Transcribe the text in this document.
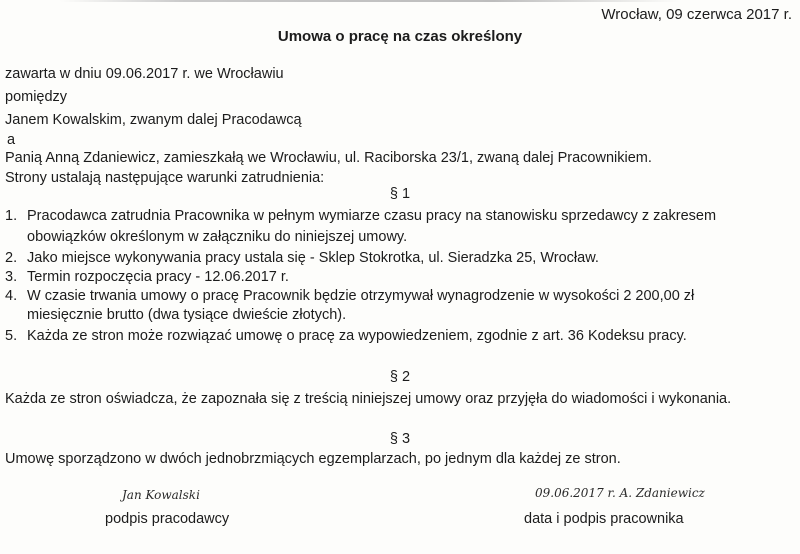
Wrocław, 09 czerwca 2017 r.
Umowa o pracę na czas określony
zawarta w dniu 09.06.2017 r. we Wrocławiu
pomiędzy
Janem Kowalskim, zwanym dalej Pracodawcą
a
Panią Anną Zdaniewicz, zamieszkałą we Wrocławiu, ul. Raciborska 23/1, zwaną dalej Pracownikiem.
Strony ustalają następujące warunki zatrudnienia:
§ 1
1. Pracodawca zatrudnia Pracownika w pełnym wymiarze czasu pracy na stanowisku sprzedawcy z zakresem
obowiązków określonym w załączniku do niniejszej umowy.
2. Jako miejsce wykonywania pracy ustala się - Sklep Stokrotka, ul. Sieradzka 25, Wrocław.
3. Termin rozpoczęcia pracy - 12.06.2017 r.
4. W czasie trwania umowy o pracę Pracownik będzie otrzymywał wynagrodzenie w wysokości 2 200,00 zł
miesięcznie brutto (dwa tysiące dwieście złotych).
5. Każda ze stron może rozwiązać umowę o pracę za wypowiedzeniem, zgodnie z art. 36 Kodeksu pracy.
§ 2
Każda ze stron oświadcza, że zapoznała się z treścią niniejszej umowy oraz przyjęła do wiadomości i wykonania.
§ 3
Umowę sporządzono w dwóch jednobrzmiących egzemplarzach, po jednym dla każdej ze stron.
Jan Kowalski
podpis pracodawcy
09.06.2017 r. A. Zdaniewicz
data i podpis pracownika
